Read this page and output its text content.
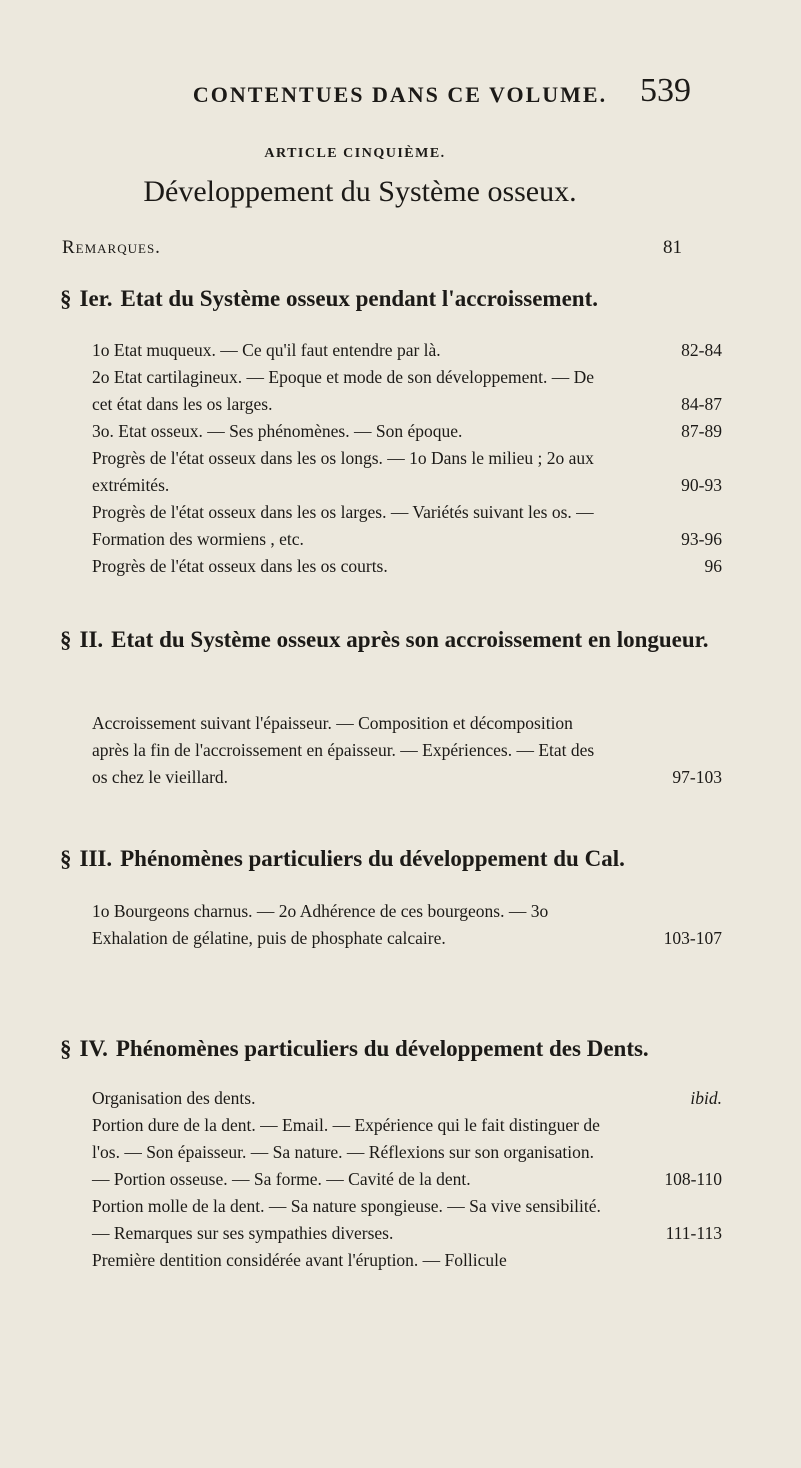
CONTENTUES DANS CE VOLUME. 539
ARTICLE CINQUIÈME.
Développement du Système osseux.
Remarques.	81
§ Ier. Etat du Système osseux pendant l'accroissement.
1o Etat muqueux. — Ce qu'il faut entendre par là.	82-84
2o Etat cartilagineux. — Epoque et mode de son développement. — De cet état dans les os larges.	84-87
3o. Etat osseux. — Ses phénomènes. — Son époque.	87-89
Progrès de l'état osseux dans les os longs. — 1o Dans le milieu ; 2o aux extrémités.	90-93
Progrès de l'état osseux dans les os larges. — Variétés suivant les os. — Formation des wormiens , etc.	93-96
Progrès de l'état osseux dans les os courts.	96
§ II. Etat du Système osseux après son accroissement en longueur.
Accroissement suivant l'épaisseur. — Composition et décomposition après la fin de l'accroissement en épaisseur. — Expériences. — Etat des os chez le vieillard.	97-103
§ III. Phénomènes particuliers du développement du Cal.
1o Bourgeons charnus. — 2o Adhérence de ces bourgeons. — 3o Exhalation de gélatine, puis de phosphate calcaire.	103-107
§ IV. Phénomènes particuliers du développement des Dents.
Organisation des dents.	ibid.
Portion dure de la dent. — Email. — Expérience qui le fait distinguer de l'os. — Son épaisseur. — Sa nature. — Réflexions sur son organisation. — Portion osseuse. — Sa forme. — Cavité de la dent.	108-110
Portion molle de la dent. — Sa nature spongieuse. — Sa vive sensibilité. — Remarques sur ses sympathies diverses.	111-113
Première dentition considérée avant l'éruption. — Follicule
